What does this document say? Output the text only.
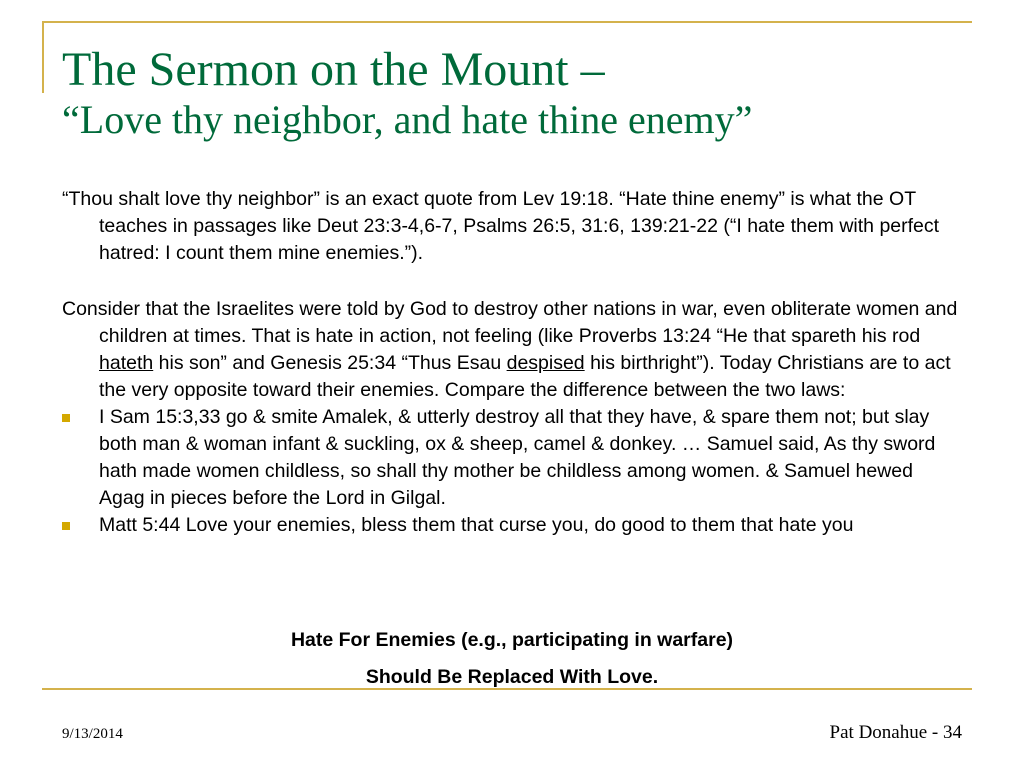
The Sermon on the Mount –
“Love thy neighbor, and hate thine enemy”

“Thou shalt love thy neighbor” is an exact quote from Lev 19:18. “Hate thine enemy” is what the OT teaches in passages like Deut 23:3-4,6-7, Psalms 26:5, 31:6, 139:21-22 (“I hate them with perfect hatred: I count them mine enemies.”).

Consider that the Israelites were told by God to destroy other nations in war, even obliterate women and children at times. That is hate in action, not feeling (like Proverbs 13:24 “He that spareth his rod hateth his son” and Genesis 25:34 “Thus Esau despised his birthright”). Today Christians are to act the very opposite toward their enemies. Compare the difference between the two laws:

I Sam 15:3,33 go & smite Amalek, & utterly destroy all that they have, & spare them not; but slay both man & woman infant & suckling, ox & sheep, camel & donkey. … Samuel said, As thy sword hath made women childless, so shall thy mother be childless among women. & Samuel hewed Agag in pieces before the Lord in Gilgal.

Matt 5:44 Love your enemies, bless them that curse you, do good to them that hate you

Hate For Enemies (e.g., participating in warfare)
Should Be Replaced With Love.
9/13/2014	Pat Donahue - 34
